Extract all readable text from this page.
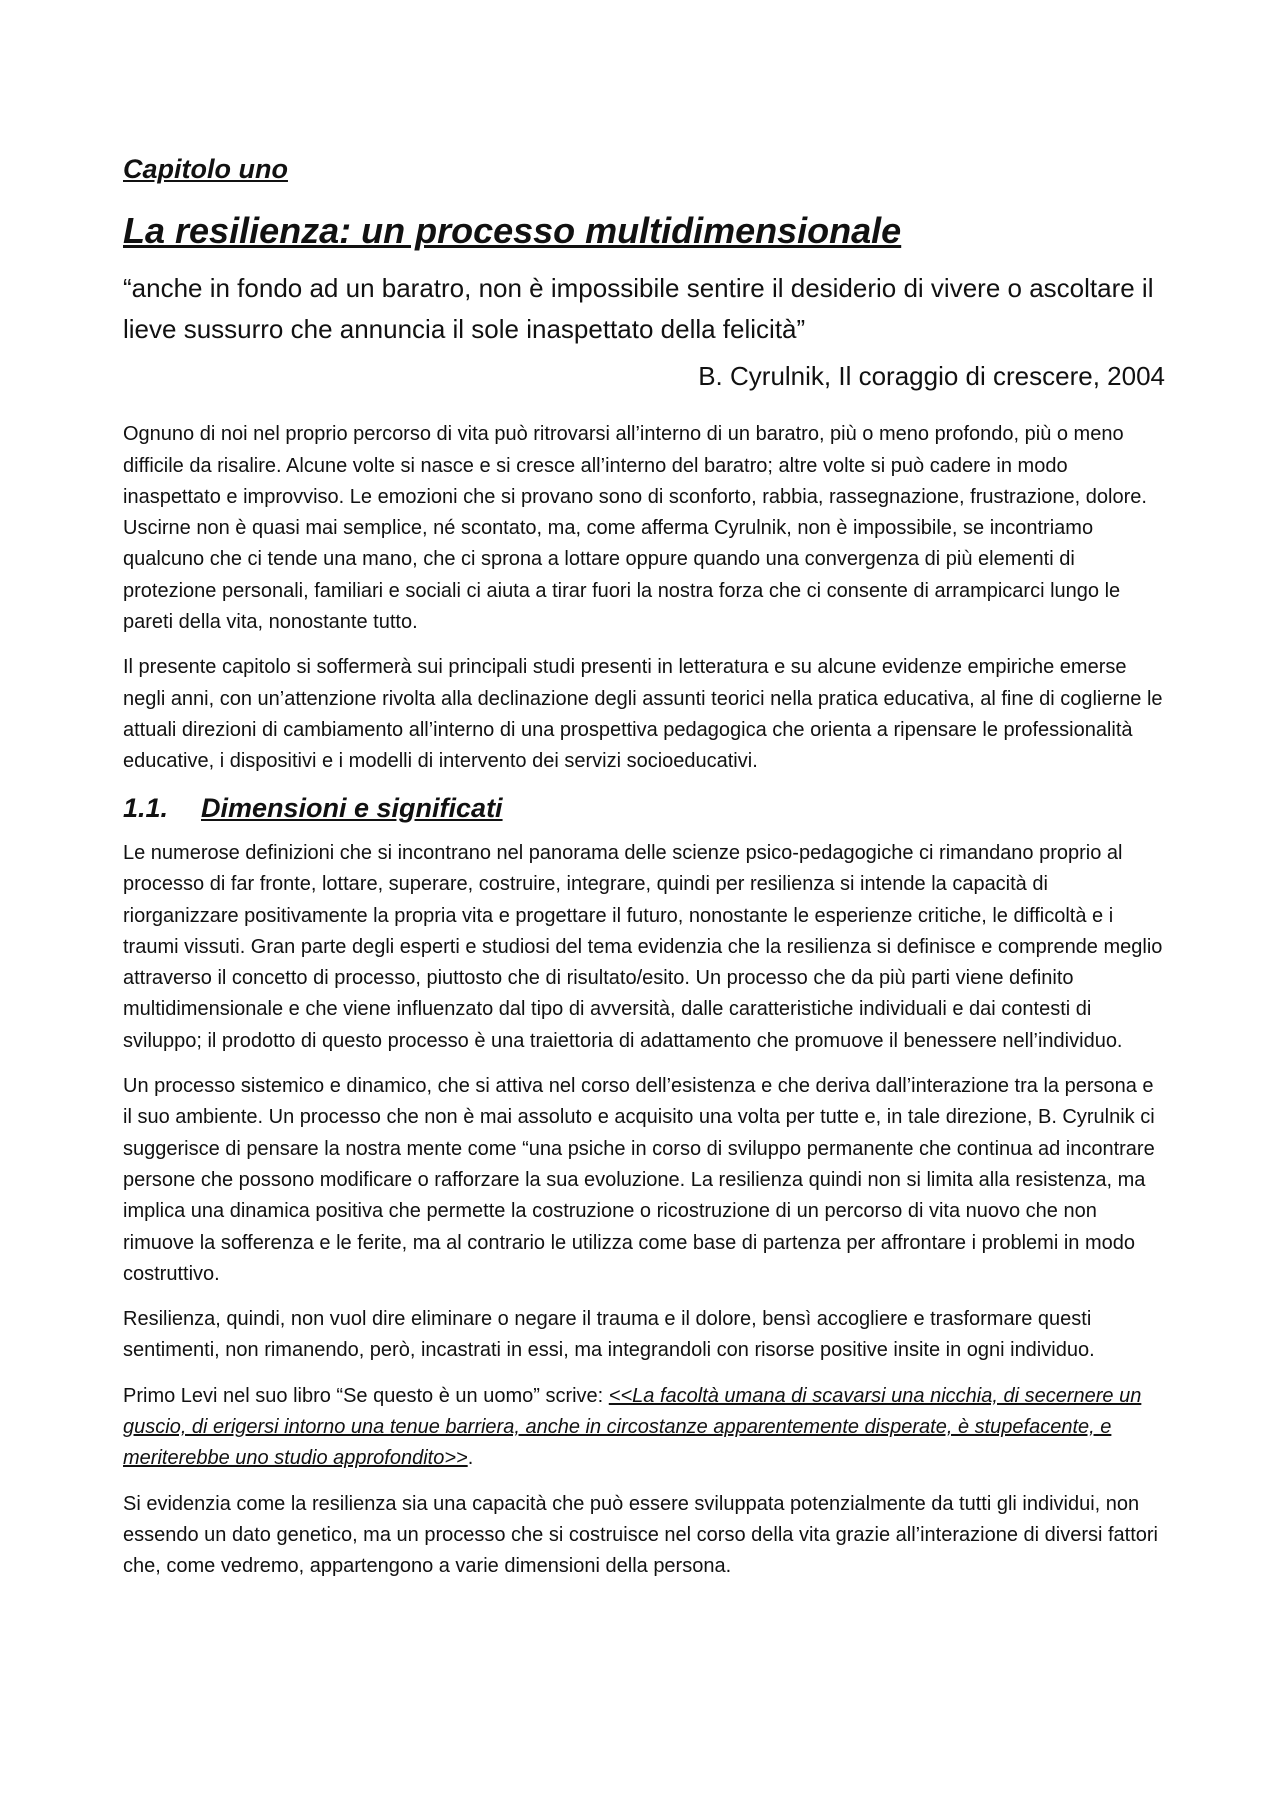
Capitolo uno
La resilienza: un processo multidimensionale
“anche in fondo ad un baratro, non è impossibile sentire il desiderio di vivere o ascoltare il lieve sussurro che annuncia il sole inaspettato della felicità”
B. Cyrulnik, Il coraggio di crescere, 2004

Ognuno di noi nel proprio percorso di vita può ritrovarsi all’interno di un baratro, più o meno profondo, più o meno difficile da risalire. Alcune volte si nasce e si cresce all’interno del baratro; altre volte si può cadere in modo inaspettato e improvviso. Le emozioni che si provano sono di sconforto, rabbia, rassegnazione, frustrazione, dolore. Uscirne non è quasi mai semplice, né scontato, ma, come afferma Cyrulnik, non è impossibile, se incontriamo qualcuno che ci tende una mano, che ci sprona a lottare oppure quando una convergenza di più elementi di protezione personali, familiari e sociali ci aiuta a tirar fuori la nostra forza che ci consente di arrampicarci lungo le pareti della vita, nonostante tutto.

Il presente capitolo si soffermerà sui principali studi presenti in letteratura e su alcune evidenze empiriche emerse negli anni, con un’attenzione rivolta alla declinazione degli assunti teorici nella pratica educativa, al fine di coglierne le attuali direzioni di cambiamento all’interno di una prospettiva pedagogica che orienta a ripensare le professionalità educative, i dispositivi e i modelli di intervento dei servizi socioeducativi.

1.1.	Dimensioni e significati

Le numerose definizioni che si incontrano nel panorama delle scienze psico-pedagogiche ci rimandano proprio al processo di far fronte, lottare, superare, costruire, integrare, quindi per resilienza si intende la capacità di riorganizzare positivamente la propria vita e progettare il futuro, nonostante le esperienze critiche, le difficoltà e i traumi vissuti. Gran parte degli esperti e studiosi del tema evidenzia che la resilienza si definisce e comprende meglio attraverso il concetto di processo, piuttosto che di risultato/esito. Un processo che da più parti viene definito multidimensionale e che viene influenzato dal tipo di avversità, dalle caratteristiche individuali e dai contesti di sviluppo; il prodotto di questo processo è una traiettoria di adattamento che promuove il benessere nell’individuo.

Un processo sistemico e dinamico, che si attiva nel corso dell’esistenza e che deriva dall’interazione tra la persona e il suo ambiente. Un processo che non è mai assoluto e acquisito una volta per tutte e, in tale direzione, B. Cyrulnik ci suggerisce di pensare la nostra mente come “una psiche in corso di sviluppo permanente che continua ad incontrare persone che possono modificare o rafforzare la sua evoluzione. La resilienza quindi non si limita alla resistenza, ma implica una dinamica positiva che permette la costruzione o ricostruzione di un percorso di vita nuovo che non rimuove la sofferenza e le ferite, ma al contrario le utilizza come base di partenza per affrontare i problemi in modo costruttivo.

Resilienza, quindi, non vuol dire eliminare o negare il trauma e il dolore, bensì accogliere e trasformare questi sentimenti, non rimanendo, però, incastrati in essi, ma integrandoli con risorse positive insite in ogni individuo.

Primo Levi nel suo libro “Se questo è un uomo” scrive: <<La facoltà umana di scavarsi una nicchia, di secernere un guscio, di erigersi intorno una tenue barriera, anche in circostanze apparentemente disperate, è stupefacente, e meriterebbe uno studio approfondito>>.

Si evidenzia come la resilienza sia una capacità che può essere sviluppata potenzialmente da tutti gli individui, non essendo un dato genetico, ma un processo che si costruisce nel corso della vita grazie all’interazione di diversi fattori che, come vedremo, appartengono a varie dimensioni della persona.
